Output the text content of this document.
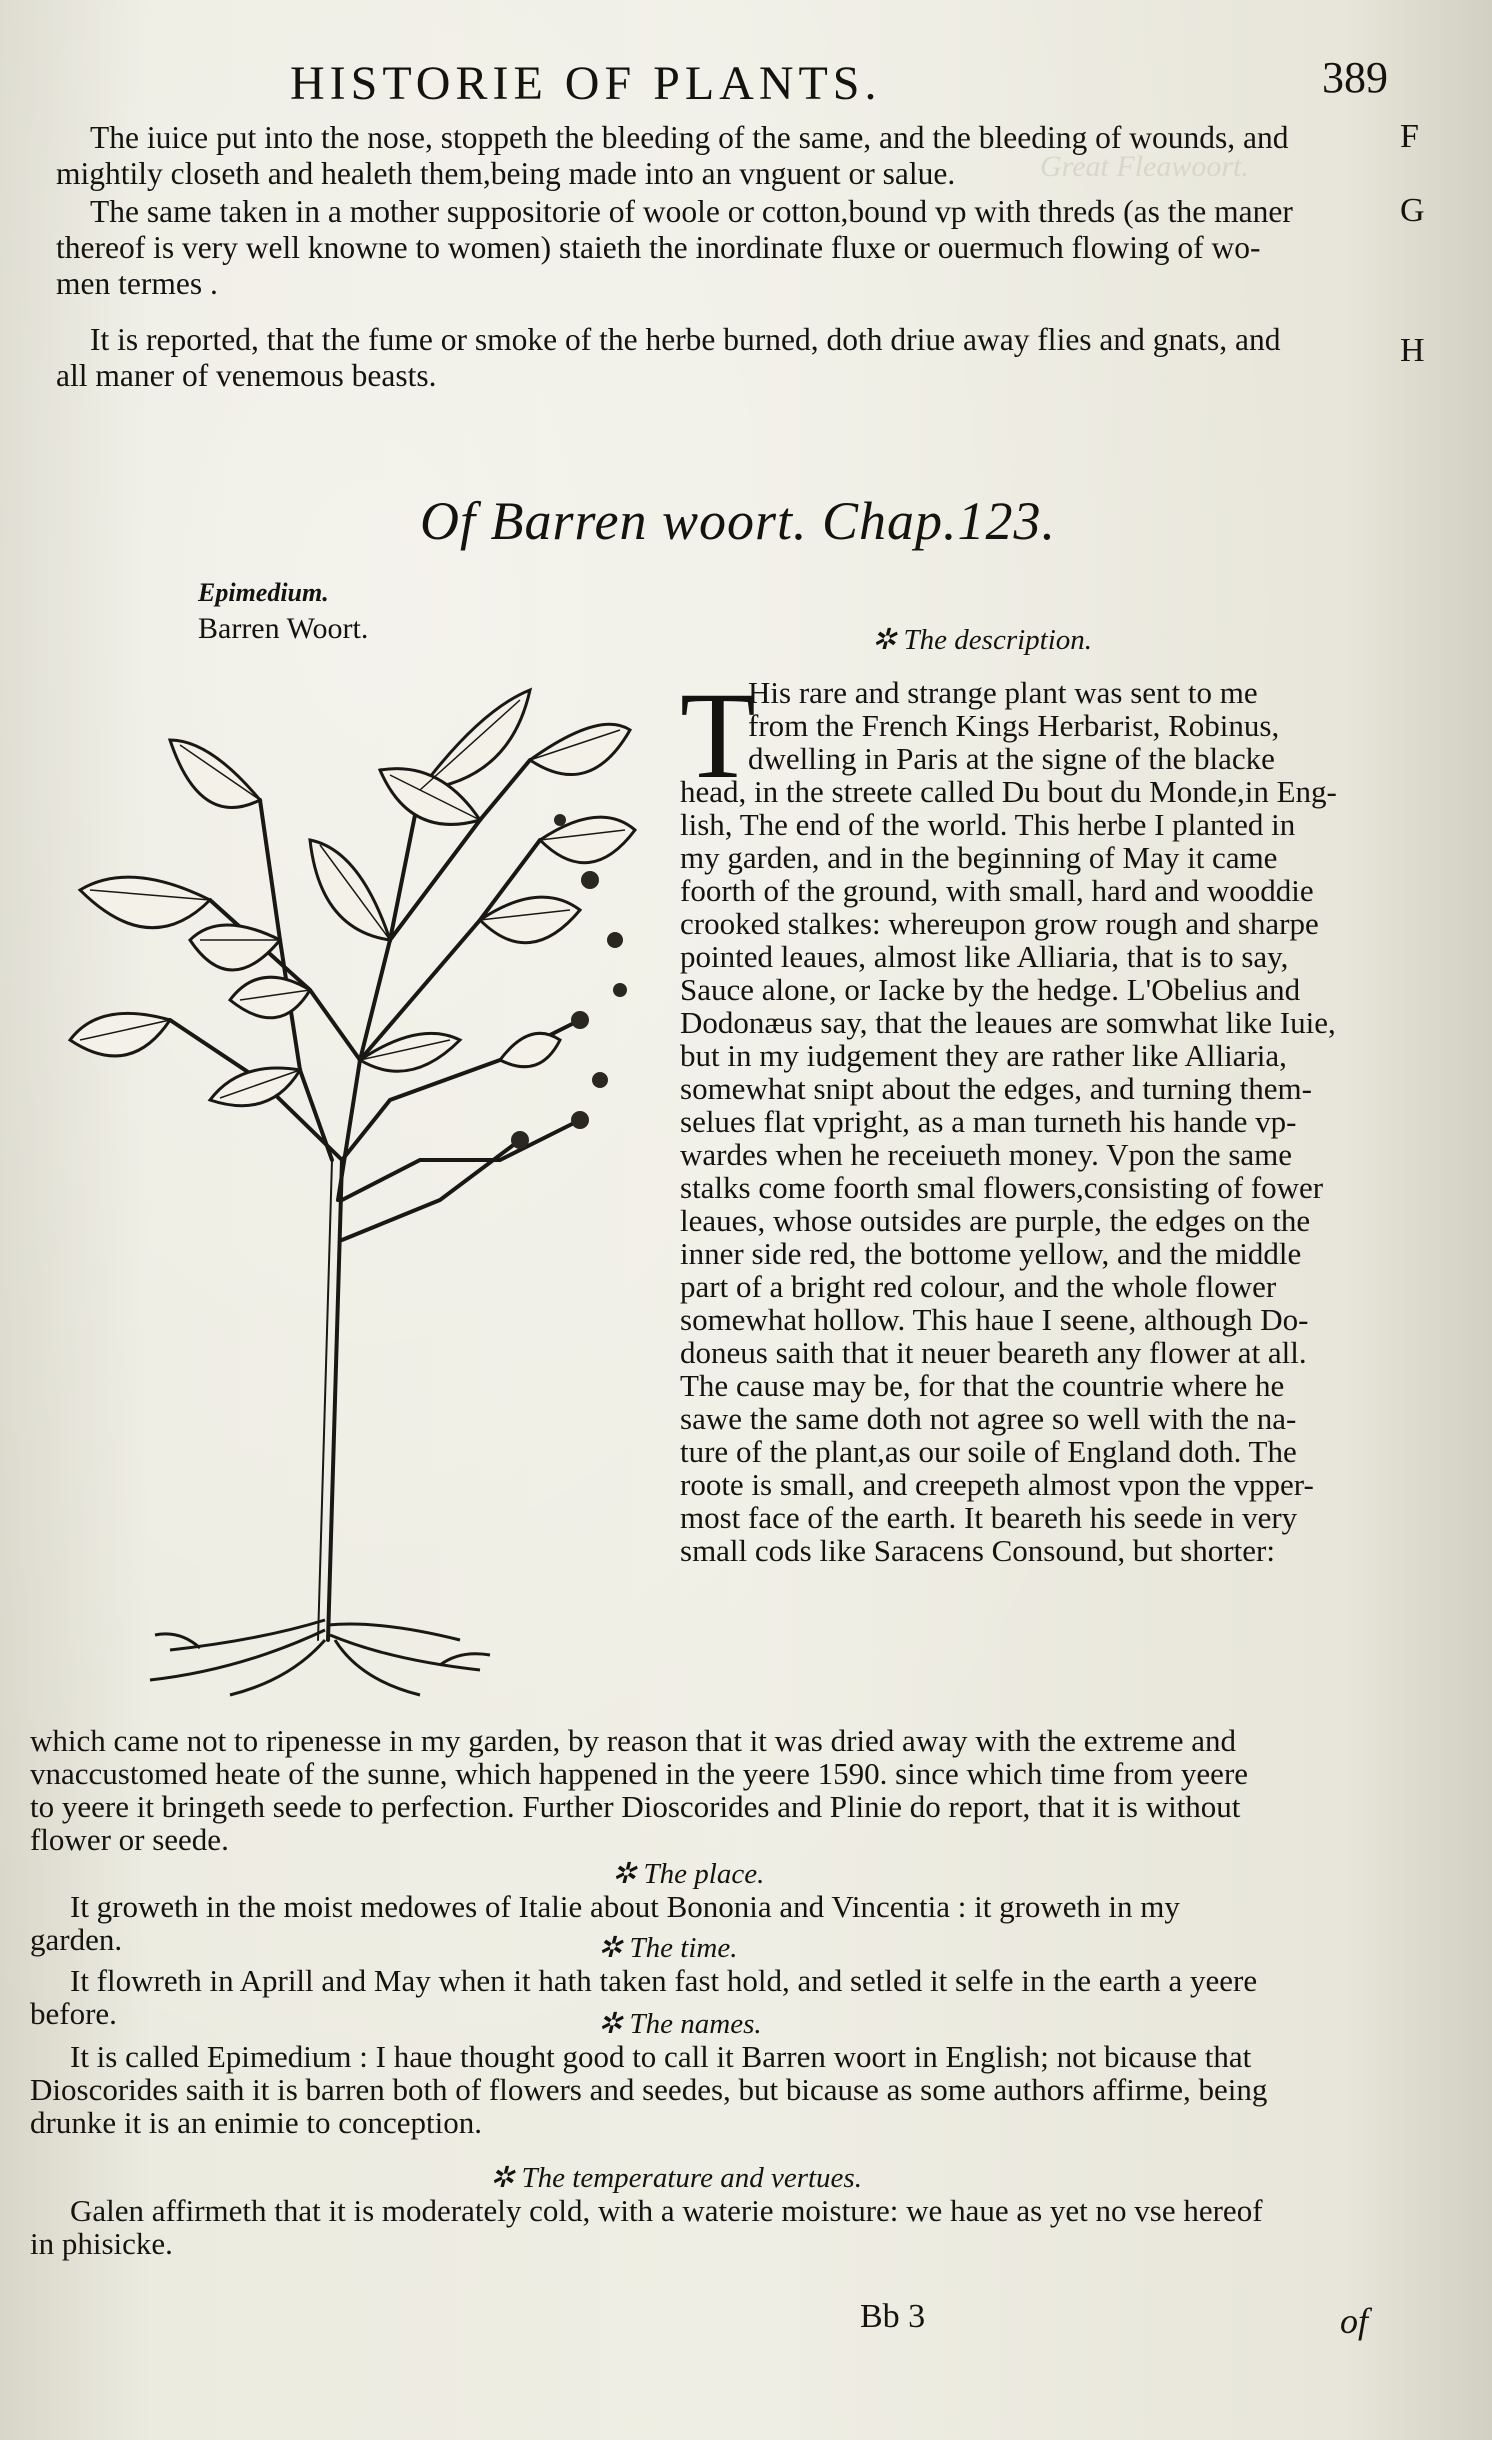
Great Fleawoort.
HISTORIE OF PLANTS.	389
F
G
H
The iuice put into the nose, stoppeth the bleeding of the same, and the bleeding of wounds, and
mightily closeth and healeth them,being made into an vnguent or salue.
The same taken in a mother suppositorie of woole or cotton,bound vp with threds (as the maner
thereof is very well knowne to women) staieth the inordinate fluxe or ouermuch flowing of wo-
men termes .
It is reported, that the fume or smoke of the herbe burned, doth driue away flies and gnats, and
all maner of venemous beasts.
Of Barren woort. Chap.123.
Epimedium.
Barren Woort.	✲ The description.
T
His rare and strange plant was sent to me
from the French Kings Herbarist, Robinus,
dwelling in Paris at the signe of the blacke
head, in the streete called Du bout du Monde,in Eng-
lish, The end of the world. This herbe I planted in
my garden, and in the beginning of May it came
foorth of the ground, with small, hard and wooddie
crooked stalkes: whereupon grow rough and sharpe
pointed leaues, almost like Alliaria, that is to say,
Sauce alone, or Iacke by the hedge. L'Obelius and
Dodonæus say, that the leaues are somwhat like Iuie,
but in my iudgement they are rather like Alliaria,
somewhat snipt about the edges, and turning them-
selues flat vpright, as a man turneth his hande vp-
wardes when he receiueth money. Vpon the same
stalks come foorth smal flowers,consisting of fower
leaues, whose outsides are purple, the edges on the
inner side red, the bottome yellow, and the middle
part of a bright red colour, and the whole flower
somewhat hollow. This haue I seene, although Do-
doneus saith that it neuer beareth any flower at all.
The cause may be, for that the countrie where he
sawe the same doth not agree so well with the na-
ture of the plant,as our soile of England doth. The
roote is small, and creepeth almost vpon the vpper-
most face of the earth. It beareth his seede in very
small cods like Saracens Consound, but shorter:
which came not to ripenesse in my garden, by reason that it was dried away with the extreme and
vnaccustomed heate of the sunne, which happened in the yeere 1590. since which time from yeere
to yeere it bringeth seede to perfection. Further Dioscorides and Plinie do report, that it is without
flower or seede.
✲ The place.
It groweth in the moist medowes of Italie about Bononia and Vincentia : it groweth in my
garden.	✲ The time.
It flowreth in Aprill and May when it hath taken fast hold, and setled it selfe in the earth a yeere
before.	✲ The names.
It is called Epimedium : I haue thought good to call it Barren woort in English; not bicause that
Dioscorides saith it is barren both of flowers and seedes, but bicause as some authors affirme, being
drunke it is an enimie to conception.
✲ The temperature and vertues.
Galen affirmeth that it is moderately cold, with a waterie moisture: we haue as yet no vse hereof
in phisicke.
Bb 3	of
